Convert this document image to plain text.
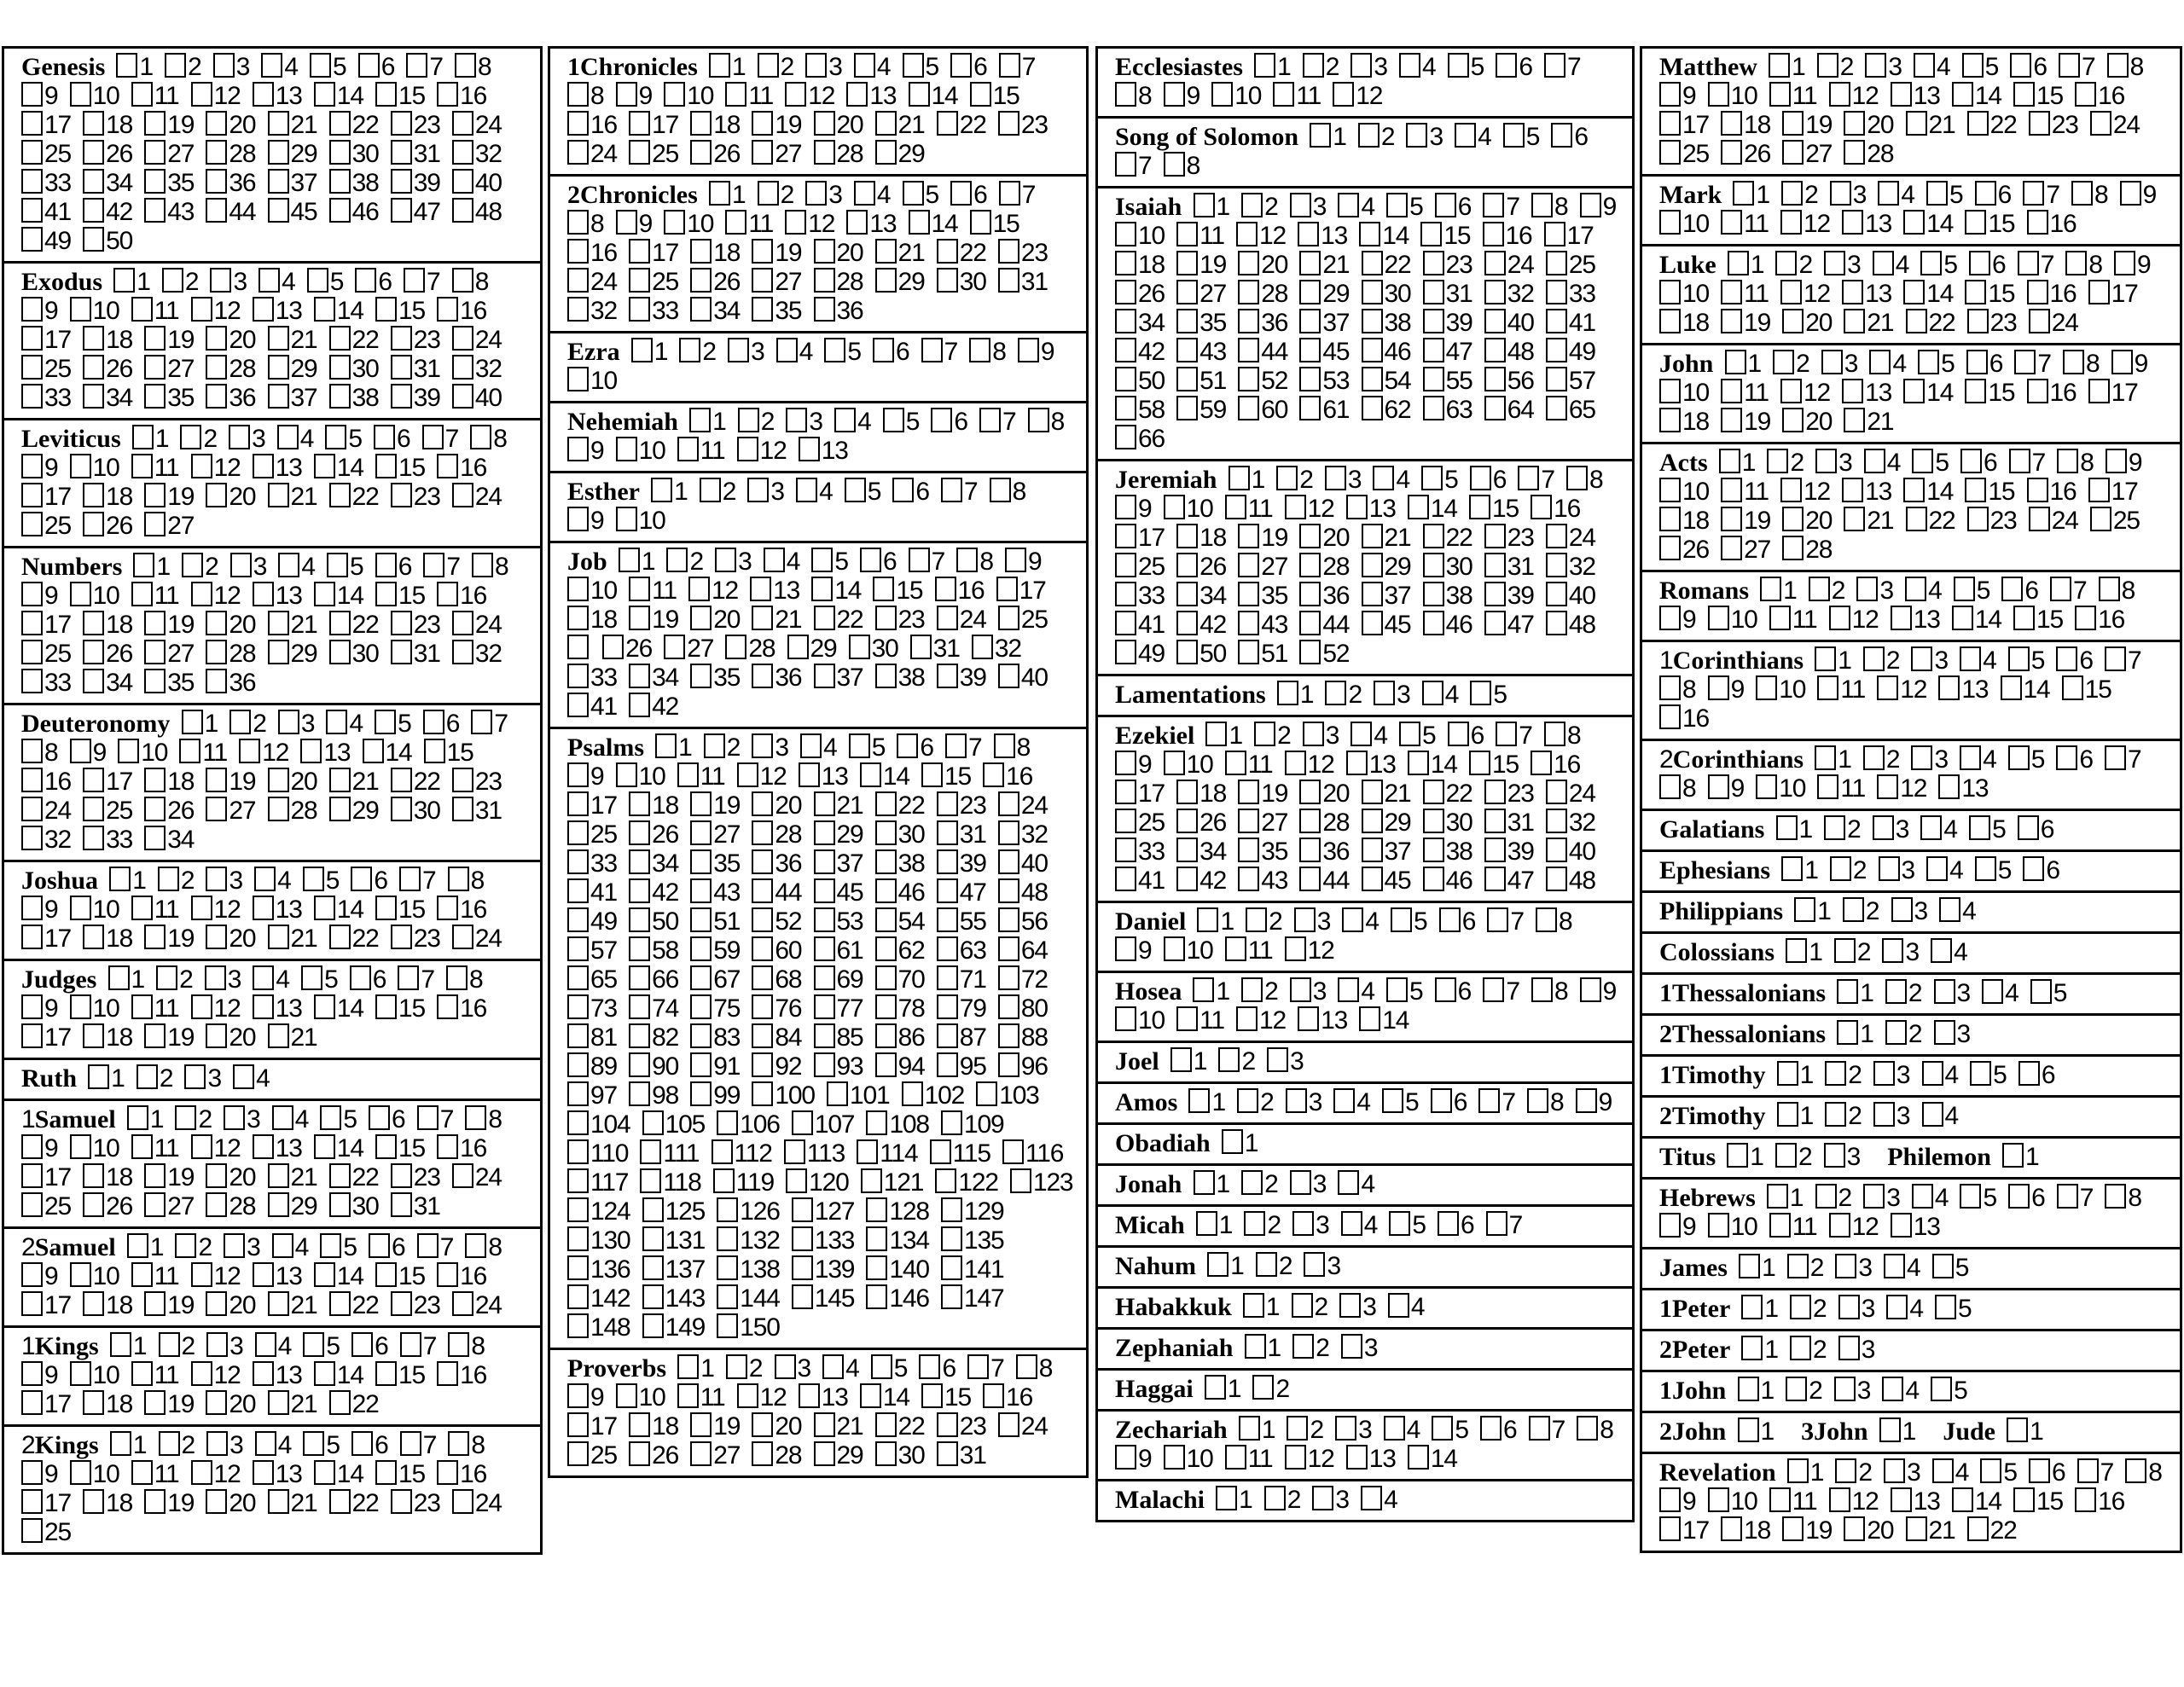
Genesis 1 2 3 4 5 6 7 8 9 10 11 12 13 14 15 16 17 18 19 20 21 22 23 24 25 26 27 28 29 30 31 32 33 34 35 36 37 38 39 40 41 42 43 44 45 46 47 48 49 50
Exodus 1 2 3 4 5 6 7 8 9 10 11 12 13 14 15 16 17 18 19 20 21 22 23 24 25 26 27 28 29 30 31 32 33 34 35 36 37 38 39 40
Leviticus 1 2 3 4 5 6 7 8 9 10 11 12 13 14 15 16 17 18 19 20 21 22 23 24 25 26 27
Numbers 1 2 3 4 5 6 7 8 9 10 11 12 13 14 15 16 17 18 19 20 21 22 23 24 25 26 27 28 29 30 31 32 33 34 35 36
Deuteronomy 1 2 3 4 5 6 7 8 9 10 11 12 13 14 15 16 17 18 19 20 21 22 23 24 25 26 27 28 29 30 31 32 33 34
Joshua 1 2 3 4 5 6 7 8 9 10 11 12 13 14 15 16 17 18 19 20 21 22 23 24
Judges 1 2 3 4 5 6 7 8 9 10 11 12 13 14 15 16 17 18 19 20 21
Ruth 1 2 3 4
1Samuel 1 2 3 4 5 6 7 8 9 10 11 12 13 14 15 16 17 18 19 20 21 22 23 24 25 26 27 28 29 30 31
2Samuel 1 2 3 4 5 6 7 8 9 10 11 12 13 14 15 16 17 18 19 20 21 22 23 24
1Kings 1 2 3 4 5 6 7 8 9 10 11 12 13 14 15 16 17 18 19 20 21 22
2Kings 1 2 3 4 5 6 7 8 9 10 11 12 13 14 15 16 17 18 19 20 21 22 23 24 25
1Chronicles 1 2 3 4 5 6 7 8 9 10 11 12 13 14 15 16 17 18 19 20 21 22 23 24 25 26 27 28 29
2Chronicles 1 2 3 4 5 6 7 8 9 10 11 12 13 14 15 16 17 18 19 20 21 22 23 24 25 26 27 28 29 30 31 32 33 34 35 36
Ezra 1 2 3 4 5 6 7 8 9 10
Nehemiah 1 2 3 4 5 6 7 8 9 10 11 12 13
Esther 1 2 3 4 5 6 7 8 9 10
Job 1 2 3 4 5 6 7 8 9 10 11 12 13 14 15 16 17 18 19 20 21 22 23 24 25  26 27 28 29 30 31 32 33 34 35 36 37 38 39 40 41 42
Psalms 1 2 3 4 5 6 7 8 9 10 11 12 13 14 15 16 17 18 19 20 21 22 23 24 25 26 27 28 29 30 31 32 33 34 35 36 37 38 39 40 41 42 43 44 45 46 47 48 49 50 51 52 53 54 55 56 57 58 59 60 61 62 63 64 65 66 67 68 69 70 71 72 73 74 75 76 77 78 79 80 81 82 83 84 85 86 87 88 89 90 91 92 93 94 95 96 97 98 99 100 101 102 103 104 105 106 107 108 109 110 111 112 113 114 115 116 117 118 119 120 121 122 123 124 125 126 127 128 129 130 131 132 133 134 135 136 137 138 139 140 141 142 143 144 145 146 147 148 149 150
Proverbs 1 2 3 4 5 6 7 8 9 10 11 12 13 14 15 16 17 18 19 20 21 22 23 24 25 26 27 28 29 30 31
Ecclesiastes 1 2 3 4 5 6 7 8 9 10 11 12
Song of Solomon 1 2 3 4 5 6 7 8
Isaiah 1 2 3 4 5 6 7 8 9 10 11 12 13 14 15 16 17 18 19 20 21 22 23 24 25 26 27 28 29 30 31 32 33 34 35 36 37 38 39 40 41 42 43 44 45 46 47 48 49 50 51 52 53 54 55 56 57 58 59 60 61 62 63 64 65 66
Jeremiah 1 2 3 4 5 6 7 8 9 10 11 12 13 14 15 16 17 18 19 20 21 22 23 24 25 26 27 28 29 30 31 32 33 34 35 36 37 38 39 40 41 42 43 44 45 46 47 48 49 50 51 52
Lamentations 1 2 3 4 5
Ezekiel 1 2 3 4 5 6 7 8 9 10 11 12 13 14 15 16 17 18 19 20 21 22 23 24 25 26 27 28 29 30 31 32 33 34 35 36 37 38 39 40 41 42 43 44 45 46 47 48
Daniel 1 2 3 4 5 6 7 8 9 10 11 12
Hosea 1 2 3 4 5 6 7 8 9 10 11 12 13 14
Joel 1 2 3
Amos 1 2 3 4 5 6 7 8 9
Obadiah 1
Jonah 1 2 3 4
Micah 1 2 3 4 5 6 7
Nahum 1 2 3
Habakkuk 1 2 3 4
Zephaniah 1 2 3
Haggai 1 2
Zechariah 1 2 3 4 5 6 7 8 9 10 11 12 13 14
Malachi 1 2 3 4
Matthew 1 2 3 4 5 6 7 8 9 10 11 12 13 14 15 16 17 18 19 20 21 22 23 24 25 26 27 28
Mark 1 2 3 4 5 6 7 8 9 10 11 12 13 14 15 16
Luke 1 2 3 4 5 6 7 8 9 10 11 12 13 14 15 16 17 18 19 20 21 22 23 24
John 1 2 3 4 5 6 7 8 9 10 11 12 13 14 15 16 17 18 19 20 21
Acts 1 2 3 4 5 6 7 8 9 10 11 12 13 14 15 16 17 18 19 20 21 22 23 24 25 26 27 28
Romans 1 2 3 4 5 6 7 8 9 10 11 12 13 14 15 16
1Corinthians 1 2 3 4 5 6 7 8 9 10 11 12 13 14 15 16
2Corinthians 1 2 3 4 5 6 7 8 9 10 11 12 13
Galatians 1 2 3 4 5 6
Ephesians 1 2 3 4 5 6
Philippians 1 2 3 4
Colossians 1 2 3 4
1Thessalonians 1 2 3 4 5
2Thessalonians 1 2 3
1Timothy 1 2 3 4 5 6
2Timothy 1 2 3 4
Titus 1 2 3 Philemon 1
Hebrews 1 2 3 4 5 6 7 8 9 10 11 12 13
James 1 2 3 4 5
1Peter 1 2 3 4 5
2Peter 1 2 3
1John 1 2 3 4 5
2John 1 3John 1 Jude 1
Revelation 1 2 3 4 5 6 7 8 9 10 11 12 13 14 15 16 17 18 19 20 21 22
